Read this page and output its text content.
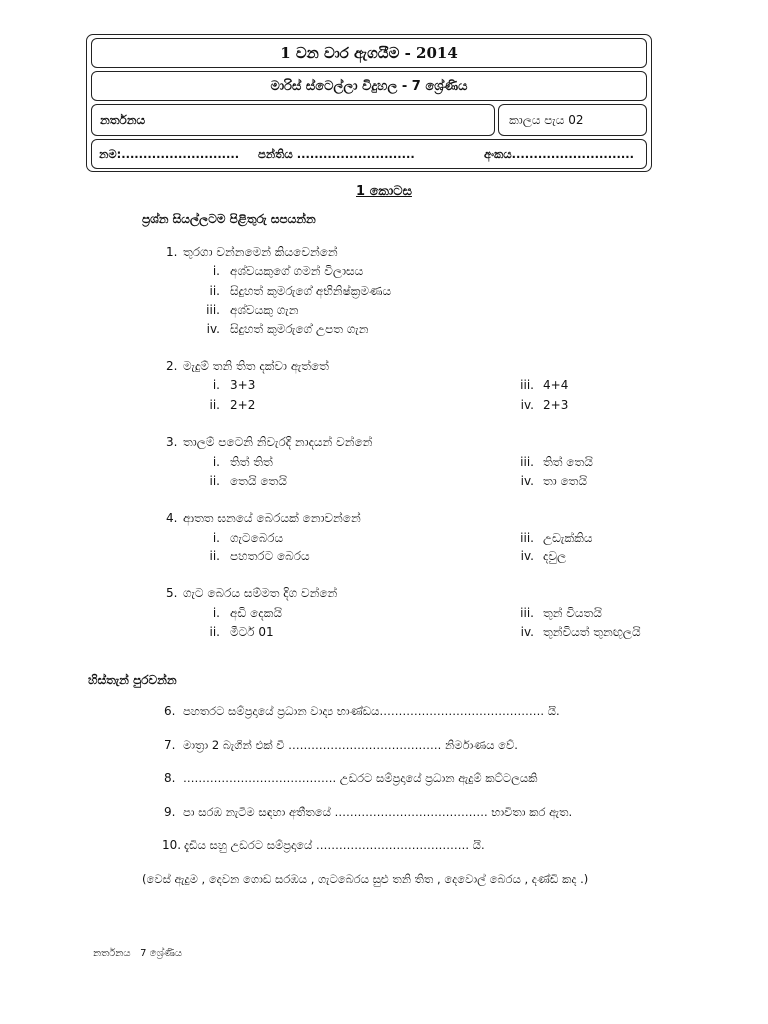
1 වන වාර ඇගයීම - 2014
මාරිස් ස්ටෙල්ලා විදුහල - 7 ශ්‍රේණිය
නර්තනය	කාලය පැය 02
නම:........................... පන්තිය ...........................	අංකය............................
1 කොටස
ප්‍රශ්න සියල්ලටම පිළිතුරු සපයන්න
1. තුරගා වන්නමෙන් කියවෙන්නේ
i. අශ්වයකුගේ ගමන් විලාසය
ii. සිදුහත් කුමරුගේ අභිනිෂ්ක්‍රමණය
iii. අශ්වයකු ගැන
iv. සිදුහත් කුමරුගේ උපත ගැන
2. මැදුම් තනි තිත දක්වා ඇත්තේ
i. 3+3
ii. 2+2
iii. 4+4
iv. 2+3
3. තාලම් පටෙනි නිවැරදි නාදයන් වන්නේ
i. තිත් තිත්
ii. තෙයි තෙයි
iii. තිත් තෙයි
iv. තා තෙයි
4. ආතත ඝනයේ බෙරයක් නොවන්නේ
i. ගැටබෙරය
ii. පහතරට බෙරය
iii. උඩැක්කිය
iv. දවුල
5. ගැට බෙරය සම්මත දිග වන්නේ
i. අඩි දෙකයි
ii. මීටර් 01
iii. තුන් වියතයි
iv. තුන්වියත් තුනඟුලයි
හිස්තැන් පුරවන්න
6. පහතරට සම්ප්‍රදායේ ප්‍රධාන වාද්‍ය භාණ්ඩය……………………………………. යි.
7. මාත්‍රා 2 බැගින් එක් වී …………………………………. නිර්මාණය වේ.
8. …………………………………. උඩරට සම්ප්‍රදායේ ප්‍රධාන ඇදුම් කට්ටලයකි
9. පා සරඹ නැටීම සඳහා අතීතයේ …………………………………. භාවිතා කර ඇත.
10. දැඩිය සහු උඩරට සම්ප්‍රදායේ …………………………………. යි.
(වෙස් ඇදුම , දෙවන ගොඩ සරඹය , ගැටබෙරය සුළු තනි තිත , දෙවොල් බෙරය , දණ්ඩි කද .)
නර්තනය   7 ශ්‍රේණිය
